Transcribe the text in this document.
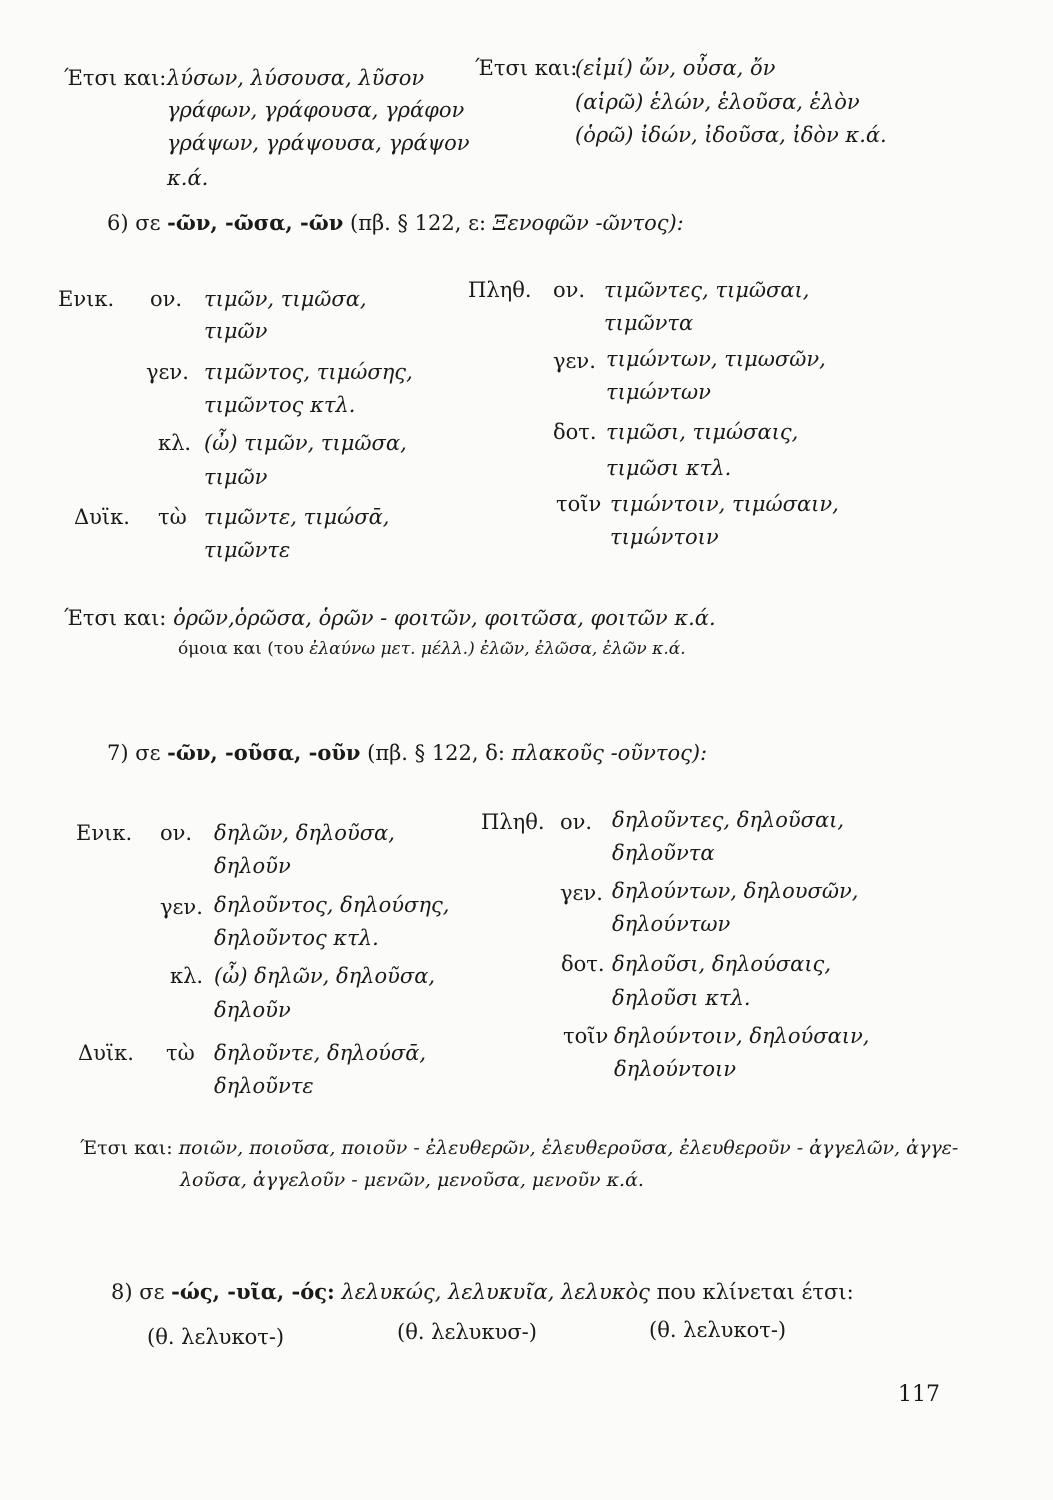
Έτσι και: λύσων, λύσουσα, λῦσον
γράφων, γράφουσα, γράφον
γράψων, γράψουσα, γράψον
κ.ά.
Έτσι και:
(εἰμί) ὤν, οὖσα, ὄν
(αἱρῶ) ἑλών, ἑλοῦσα, ἑλὸν
(ὁρῶ) ἰδών, ἰδοῦσα, ἰδὸν κ.ά.
6) σε -ῶν, -ῶσα, -ῶν (πβ. § 122, ε: Ξενοφῶν -ῶντος):
Ενικ. ον. τιμῶν, τιμῶσα,
τιμῶν
γεν. τιμῶντος, τιμώσης,
τιμῶντος κτλ.
κλ. (ὦ) τιμῶν, τιμῶσα,
τιμῶν
Δυϊκ. τὼ τιμῶντε, τιμώσᾱ,
τιμῶντε
Πληθ. ον. τιμῶντες, τιμῶσαι,
τιμῶντα
γεν. τιμώντων, τιμωσῶν,
τιμώντων
δοτ. τιμῶσι, τιμώσαις,
τιμῶσι κτλ.
τοῖν τιμώντοιν, τιμώσαιν,
τιμώντοιν
Έτσι και: ὁρῶν,ὁρῶσα, ὁρῶν - φοιτῶν, φοιτῶσα, φοιτῶν κ.ά.
όμοια και (του ἐλαύνω μετ. μέλλ.) ἐλῶν, ἐλῶσα, ἐλῶν κ.ά.
7) σε -ῶν, -οῦσα, -οῦν (πβ. § 122, δ: πλακοῦς -οῦντος):
Ενικ. ον. δηλῶν, δηλοῦσα,
δηλοῦν
γεν. δηλοῦντος, δηλούσης,
δηλοῦντος κτλ.
κλ. (ὦ) δηλῶν, δηλοῦσα,
δηλοῦν
Δυϊκ. τὼ δηλοῦντε, δηλούσᾱ,
δηλοῦντε
Πληθ. ον. δηλοῦντες, δηλοῦσαι,
δηλοῦντα
γεν. δηλούντων, δηλουσῶν,
δηλούντων
δοτ. δηλοῦσι, δηλούσαις,
δηλοῦσι κτλ.
τοῖν δηλούντοιν, δηλούσαιν,
δηλούντοιν
Έτσι και: ποιῶν, ποιοῦσα, ποιοῦν - ἐλευθερῶν, ἐλευθεροῦσα, ἐλευθεροῦν - ἀγγελῶν, ἀγγε-
λοῦσα, ἀγγελοῦν - μενῶν, μενοῦσα, μενοῦν κ.ά.
8) σε -ώς, -υῖα, -ός: λελυκώς, λελυκυῖα, λελυκὸς που κλίνεται έτσι:
(θ. λελυκοτ-)	(θ. λελυκυσ-)	(θ. λελυκοτ-)
117
